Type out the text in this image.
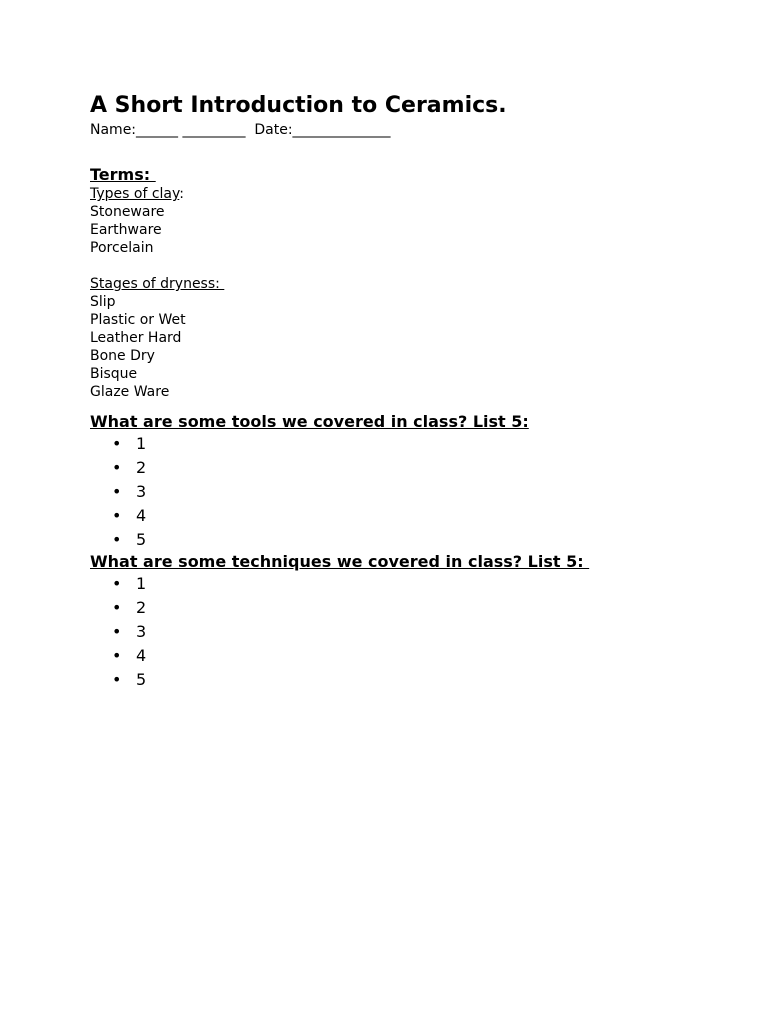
A Short Introduction to Ceramics.

Name:______ _________  Date:______________

Terms:

Types of clay:

Stoneware
Earthware
Porcelain

Stages of dryness:

Slip
Plastic or Wet
Leather Hard
Bone Dry
Bisque
Glaze Ware

What are some tools we covered in class? List 5:

• 1
• 2
• 3
• 4
• 5

What are some techniques we covered in class? List 5:

• 1
• 2
• 3
• 4
• 5
